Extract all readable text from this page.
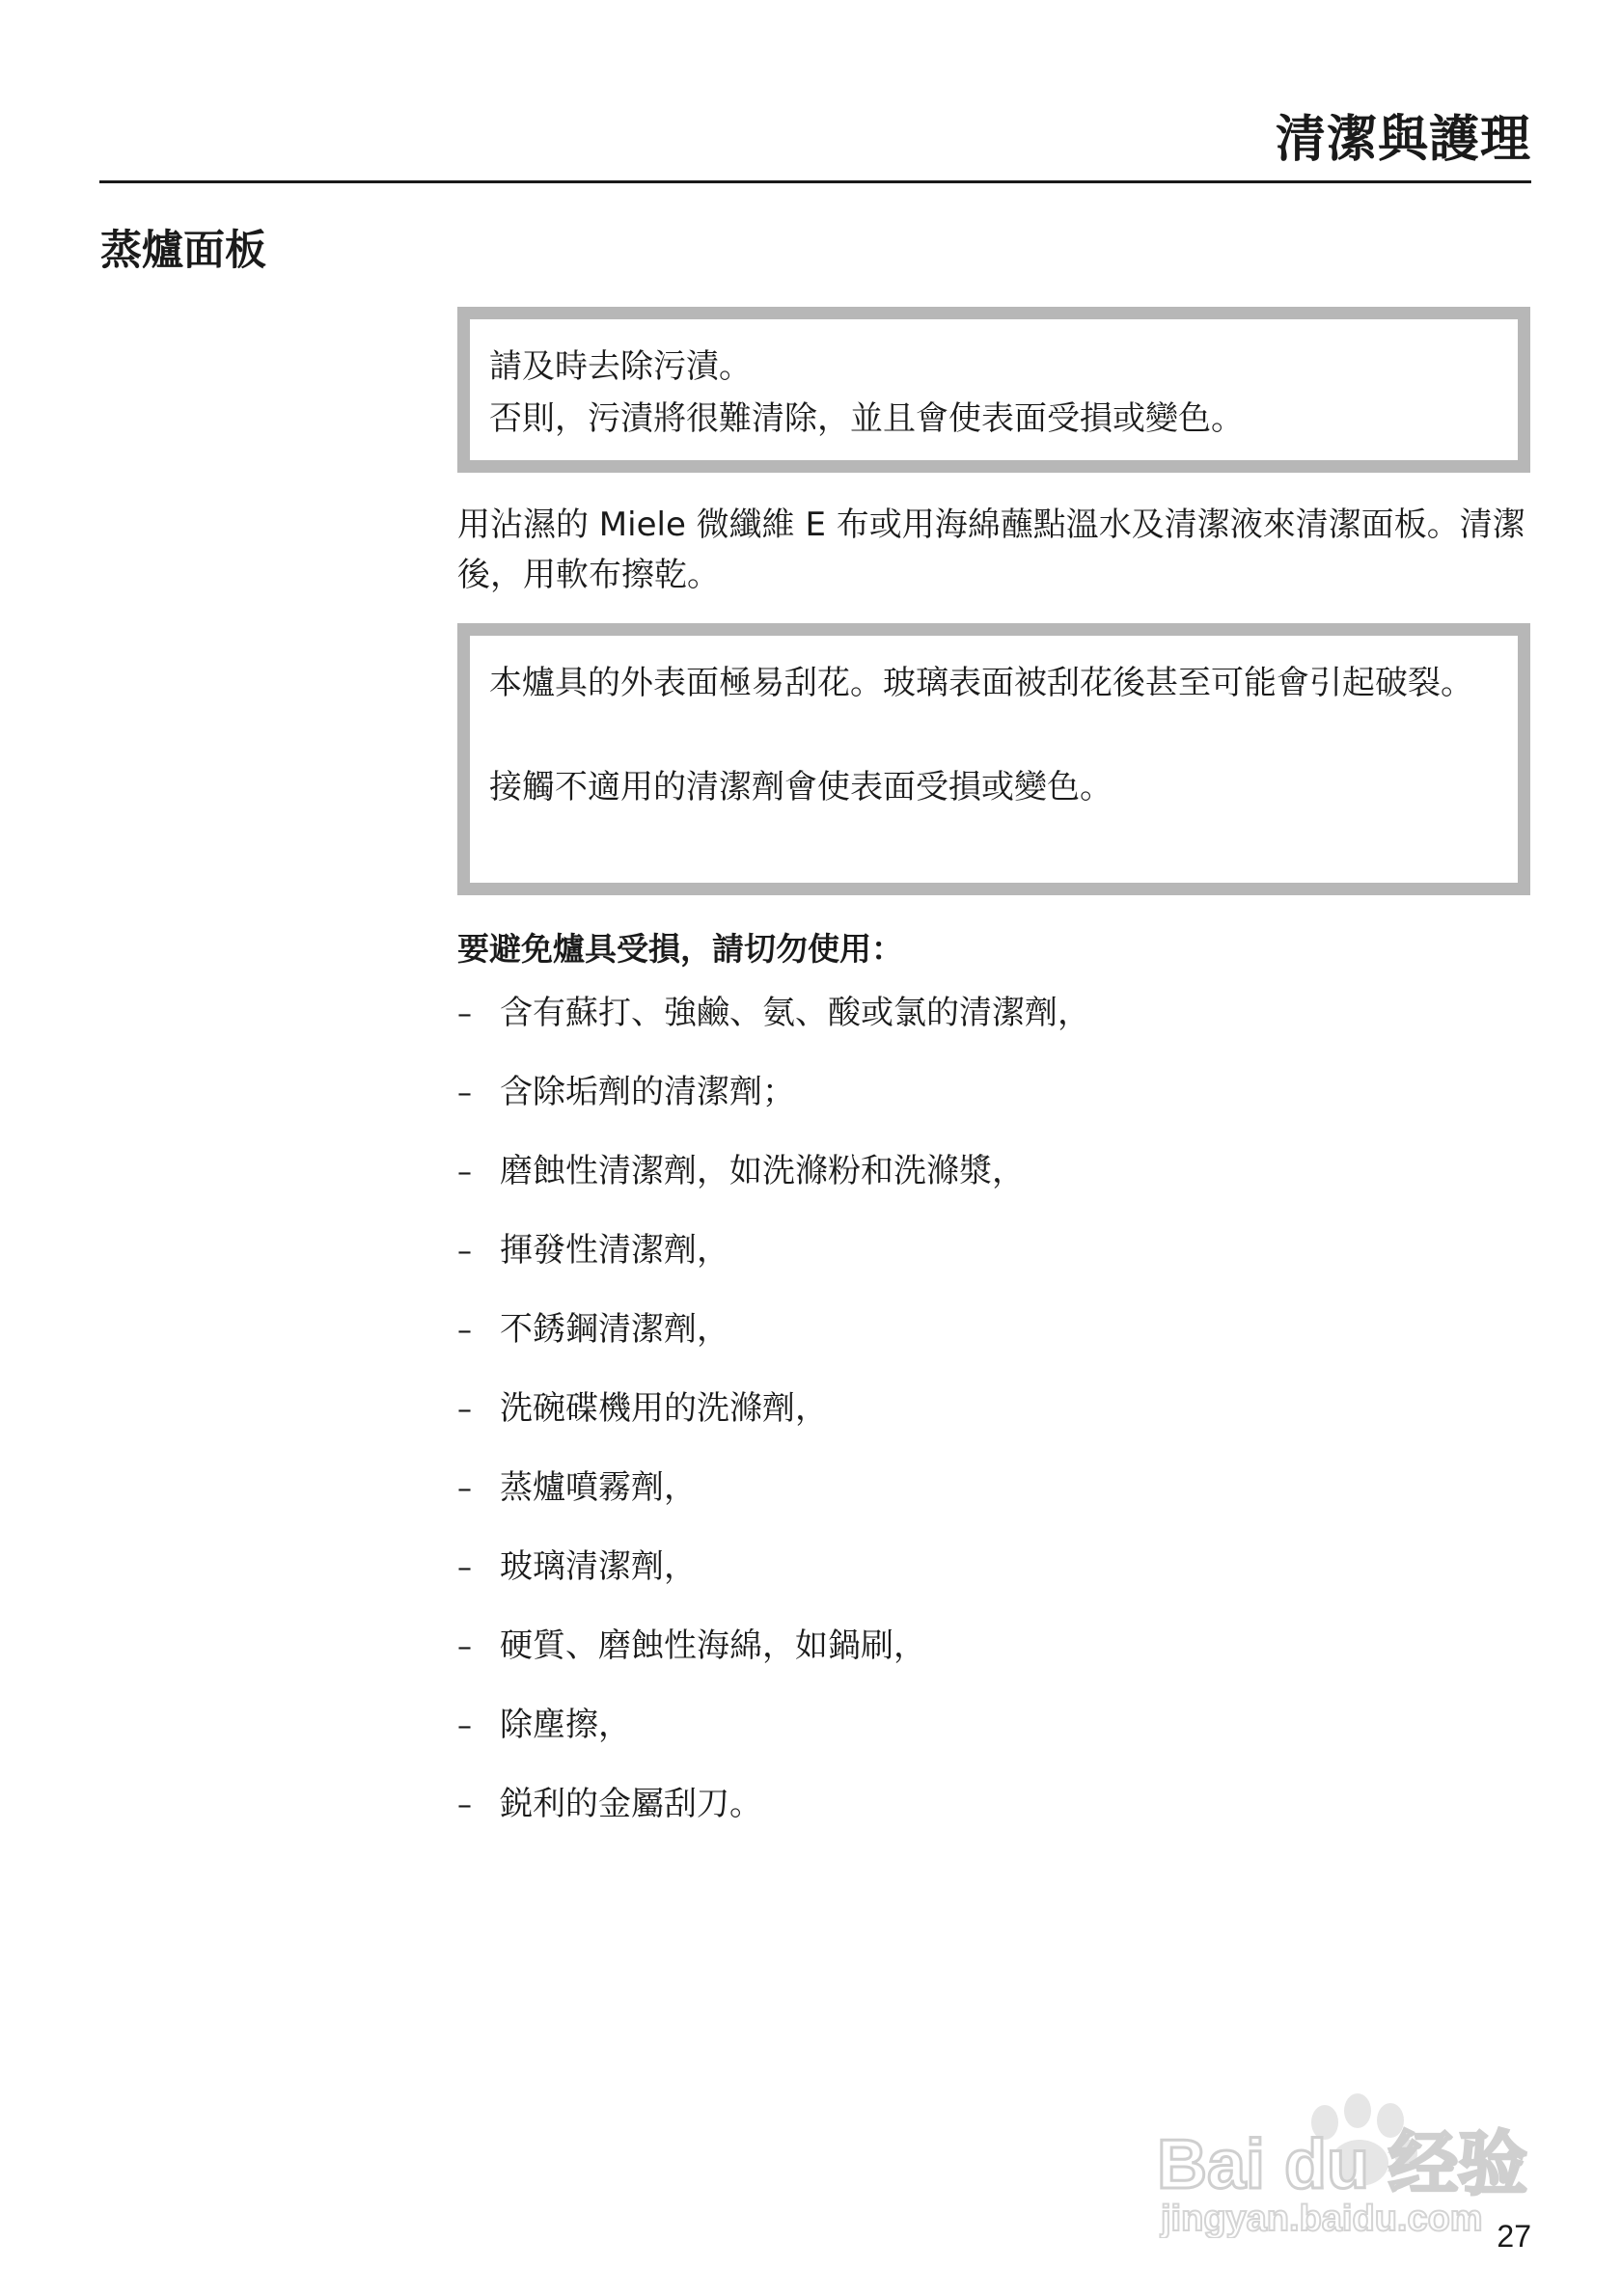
清潔與護理
蒸爐面板

請及時去除污漬。

否則，污漬將很難清除，並且會使表面受損或變色。

用沾濕的 Miele 微纖維 E 布或用海綿蘸點溫水及清潔液來清潔面板。清潔後，用軟布擦乾。

本爐具的外表面極易刮花。玻璃表面被刮花後甚至可能會引起破裂。

接觸不適用的清潔劑會使表面受損或變色。

要避免爐具受損，請切勿使用：

– 含有蘇打、強鹼、氨、酸或氯的清潔劑，
– 含除垢劑的清潔劑；
– 磨蝕性清潔劑，如洗滌粉和洗滌漿，
– 揮發性清潔劑，
– 不銹鋼清潔劑，
– 洗碗碟機用的洗滌劑，
– 蒸爐噴霧劑，
– 玻璃清潔劑，
– 硬質、磨蝕性海綿，如鍋刷，
– 除塵擦，
– 鋭利的金屬刮刀。
Bai du 经验
jingyan.baidu.com 27
